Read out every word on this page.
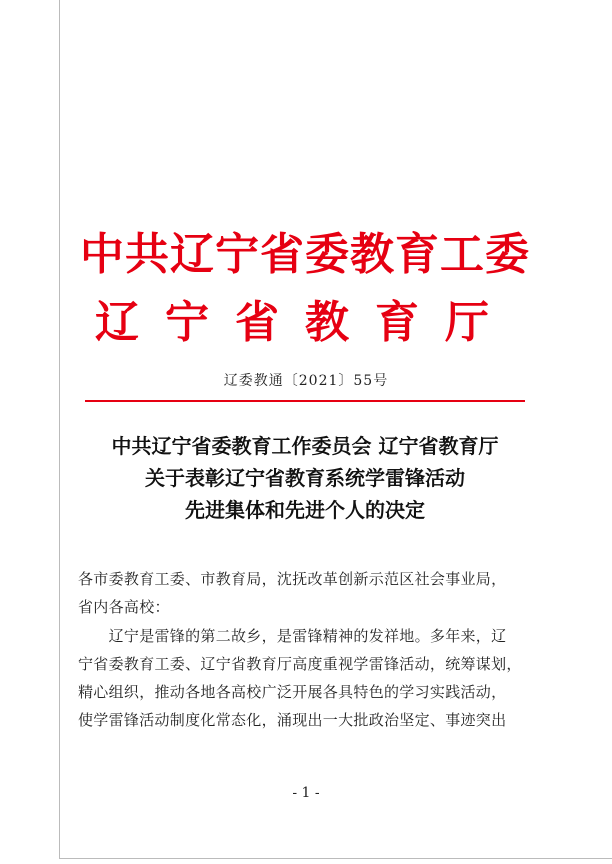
中共辽宁省委教育工委
辽宁省教育厅
辽委教通〔2021〕55号
中共辽宁省委教育工作委员会 辽宁省教育厅
关于表彰辽宁省教育系统学雷锋活动
先进集体和先进个人的决定
各市委教育工委、市教育局，沈抚改革创新示范区社会事业局，
省内各高校：
　　辽宁是雷锋的第二故乡，是雷锋精神的发祥地。多年来，辽
宁省委教育工委、辽宁省教育厅高度重视学雷锋活动，统筹谋划，
精心组织，推动各地各高校广泛开展各具特色的学习实践活动，
使学雷锋活动制度化常态化，涌现出一大批政治坚定、事迹突出
- 1 -
